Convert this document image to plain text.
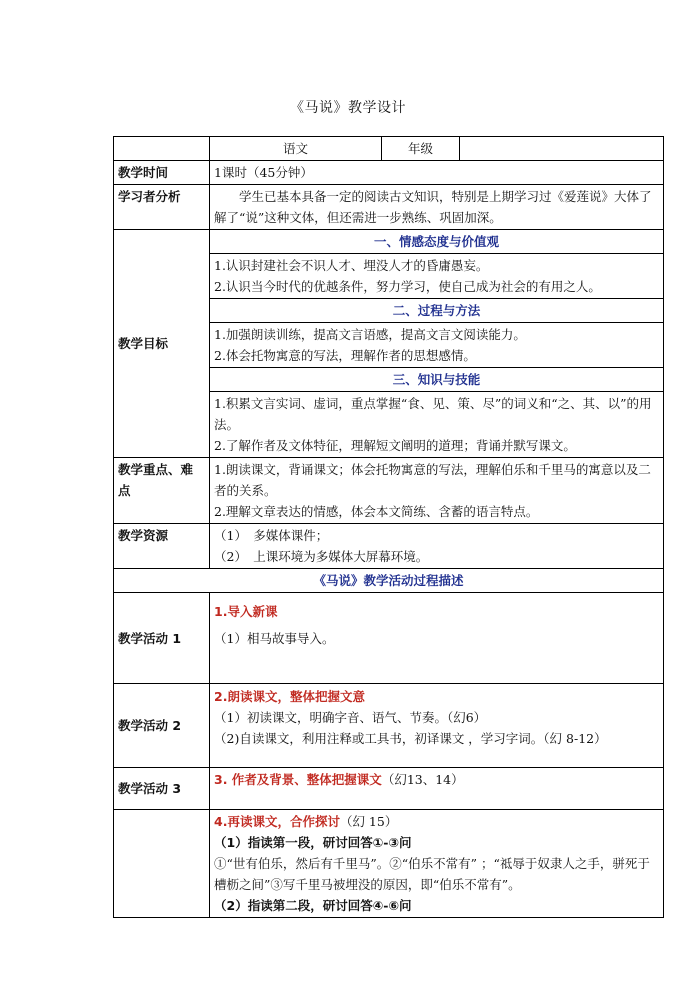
《马说》教学设计
	语文	年级	
教学时间	1课时（45分钟）		
学习者分析	学生已基本具备一定的阅读古文知识，特别是上期学习过《爱莲说》大体了解了“说”这种文体，但还需进一步熟练、巩固加深。		
教学目标	一、情感态度与价值观		

	1.认识封建社会不识人才、埋没人才的昏庸愚妄。
2.认识当今时代的优越条件，努力学习，使自己成为社会的有用之人。		

	二、过程与方法		

	1.加强朗读训练，提高文言语感，提高文言文阅读能力。
2.体会托物寓意的写法，理解作者的思想感情。		

	三、知识与技能		

	1.积累文言实词、虚词，重点掌握“食、见、策、尽”的词义和“之、其、以”的用法。
2.了解作者及文体特征，理解短文阐明的道理；背诵并默写课文。		

教学重点、难点	1.朗读课文，背诵课文；体会托物寓意的写法，理解伯乐和千里马的寓意以及二者的关系。
2.理解文章表达的情感，体会本文简练、含蓄的语言特点。		

教学资源	（1）　多媒体课件；
（2）　上课环境为多媒体大屏幕环境。		

《马说》教学活动过程描述			
教学活动 1	1.导入新课
（1）相马故事导入。		

教学活动 2	2.朗读课文，整体把握文意
（1）初读课文，明确字音、语气、节奏。（幻6）
（2)自读课文，利用注释或工具书，初译课文 ，学习字词。（幻 8-12）		

教学活动 3	3. 作者及背景、整体把握课文（幻13、14）		

	4.再读课文，合作探讨（幻 15）
（1）指读第一段，研讨回答①-③问
①“世有伯乐，然后有千里马”。②“伯乐不常有” ；“祗辱于奴隶人之手，骈死于槽枥之间”③写千里马被埋没的原因，即“伯乐不常有”。
（2）指读第二段，研讨回答④-⑥问		
